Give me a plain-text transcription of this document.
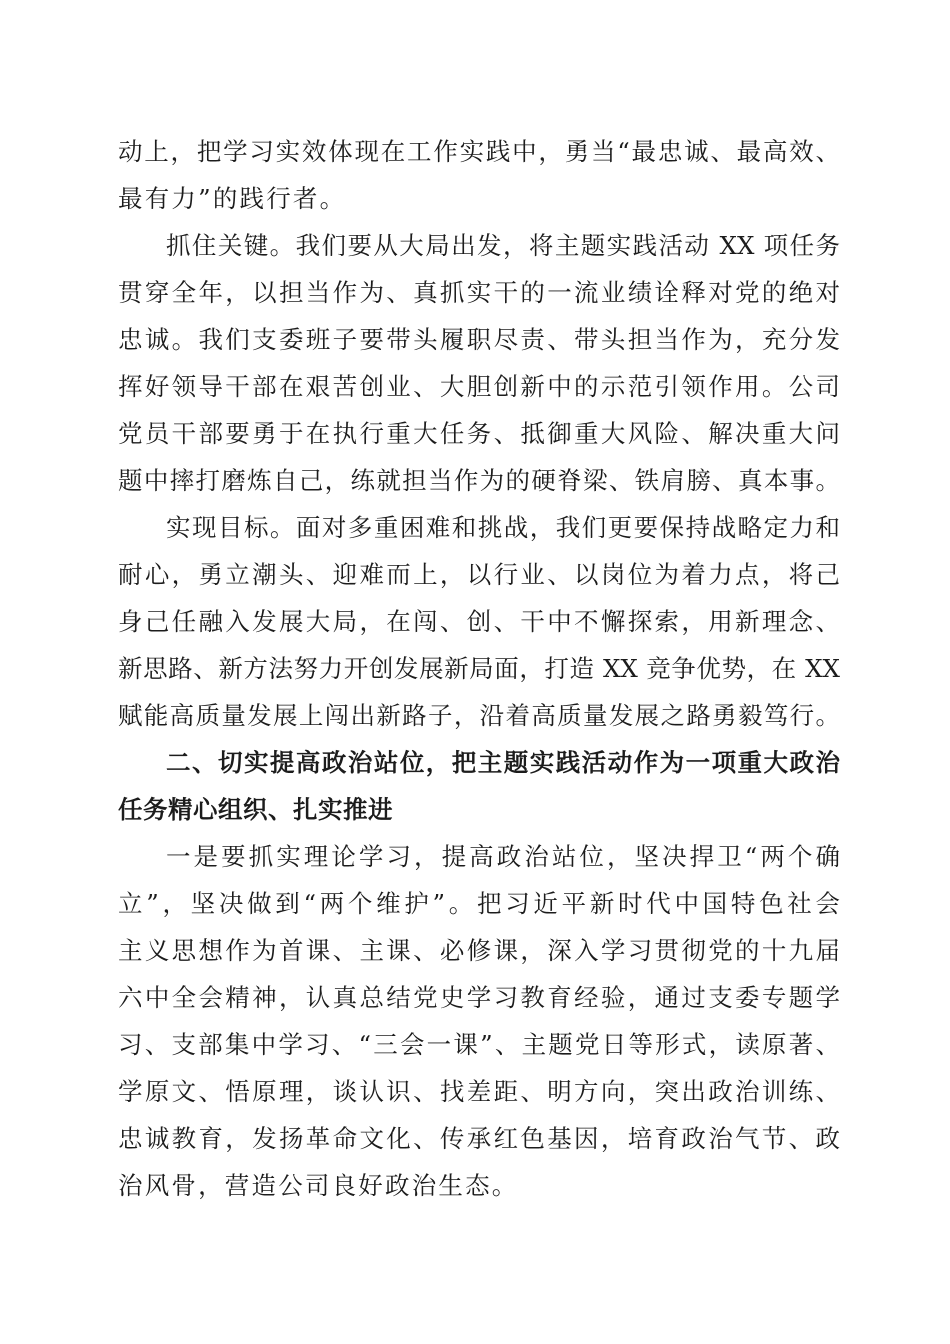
动上，把学习实效体现在工作实践中，勇当“最忠诚、最高效、
最有力”的践行者。
抓住关键。我们要从大局出发，将主题实践活动 XX 项任务
贯穿全年，以担当作为、真抓实干的一流业绩诠释对党的绝对
忠诚。我们支委班子要带头履职尽责、带头担当作为，充分发
挥好领导干部在艰苦创业、大胆创新中的示范引领作用。公司
党员干部要勇于在执行重大任务、抵御重大风险、解决重大问
题中摔打磨炼自己，练就担当作为的硬脊梁、铁肩膀、真本事。
实现目标。面对多重困难和挑战，我们更要保持战略定力和
耐心，勇立潮头、迎难而上，以行业、以岗位为着力点，将己
身己任融入发展大局，在闯、创、干中不懈探索，用新理念、
新思路、新方法努力开创发展新局面，打造 XX 竞争优势，在 XX
赋能高质量发展上闯出新路子，沿着高质量发展之路勇毅笃行。
二、切实提高政治站位，把主题实践活动作为一项重大政治
任务精心组织、扎实推进
一是要抓实理论学习，提高政治站位，坚决捍卫“两个确
立”，坚决做到“两个维护”。把习近平新时代中国特色社会
主义思想作为首课、主课、必修课，深入学习贯彻党的十九届
六中全会精神，认真总结党史学习教育经验，通过支委专题学
习、支部集中学习、“三会一课”、主题党日等形式，读原著、
学原文、悟原理，谈认识、找差距、明方向，突出政治训练、
忠诚教育，发扬革命文化、传承红色基因，培育政治气节、政
治风骨，营造公司良好政治生态。
